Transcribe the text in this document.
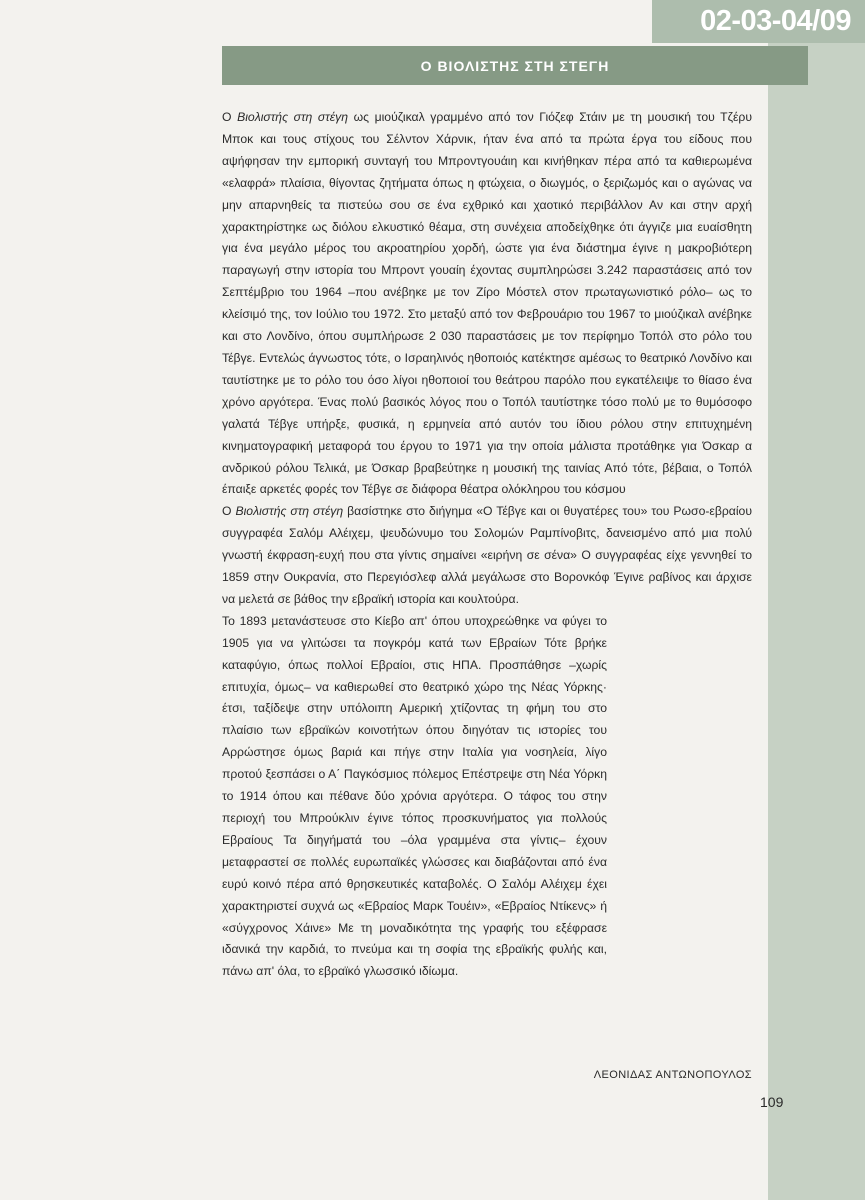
02-03-04/09
Ο ΒΙΟΛΙΣΤΗΣ ΣΤΗ ΣΤΕΓΗ

Ο Βιολιστής στη στέγη ως μιούζικαλ γραμμένο από τον Γιόζεφ Στάιν με τη μουσική του Τζέρυ Μποκ και τους στίχους του Σέλντον Χάρνικ, ήταν ένα από τα πρώτα έργα του είδους που αψήφησαν την εμπορική συνταγή του Μπροντγουάιη και κινήθηκαν πέρα από τα καθιερωμένα «ελαφρά» πλαίσια, θίγοντας ζητήματα όπως η φτώχεια, ο διωγμός, ο ξεριζωμός και ο αγώνας να μην απαρνηθείς τα πιστεύω σου σε ένα εχθρικό και χαοτικό περιβάλλον Αν και στην αρχή χαρακτηρίστηκε ως διόλου ελκυστικό θέαμα, στη συνέχεια αποδείχθηκε ότι άγγιζε μια ευαίσθητη για ένα μεγάλο μέρος του ακροατηρίου χορδή, ώστε για ένα διάστημα έγινε η μακροβιότερη παραγωγή στην ιστορία του Μπροντ γουαίη έχοντας συμπληρώσει 3.242 παραστάσεις από τον Σεπτέμβριο του 1964 –που ανέβηκε με τον Ζίρο Μόστελ στον πρωταγωνιστικό ρόλο– ως το κλείσιμό της, τον Ιούλιο του 1972. Στο μεταξύ από τον Φεβρουάριο του 1967 το μιούζικαλ ανέβηκε και στο Λονδίνο, όπου συμπλήρωσε 2 030 παραστάσεις με τον περίφημο Τοπόλ στο ρόλο του Τέβγε. Εντελώς άγνωστος τότε, ο Ισραηλινός ηθοποιός κατέκτησε αμέσως το θεατρικό Λονδίνο και ταυτίστηκε με το ρόλο του όσο λίγοι ηθοποιοί του θεάτρου παρόλο που εγκατέλειψε το θίασο ένα χρόνο αργότερα. Ένας πολύ βασικός λόγος που ο Τοπόλ ταυτίστηκε τόσο πολύ με το θυμόσοφο γαλατά Τέβγε υπήρξε, φυσικά, η ερμηνεία από αυτόν του ίδιου ρόλου στην επιτυχημένη κινηματογραφική μεταφορά του έργου το 1971 για την οποία μάλιστα προτάθηκε για Όσκαρ α ανδρικού ρόλου Τελικά, με Όσκαρ βραβεύτηκε η μουσική της ταινίας Από τότε, βέβαια, ο Τοπόλ έπαιξε αρκετές φορές τον Τέβγε σε διάφορα θέατρα ολόκληρου του κόσμου

Ο Βιολιστής στη στέγη βασίστηκε στο διήγημα «Ο Τέβγε και οι θυγατέρες του» του Ρωσο-εβραίου συγγραφέα Σαλόμ Αλέιχεμ, ψευδώνυμο του Σολομών Ραμπίνοβιτς, δανεισμένο από μια πολύ γνωστή έκφραση-ευχή που στα γίντις σημαίνει «ειρήνη σε σένα» Ο συγγραφέας είχε γεννηθεί το 1859 στην Ουκρανία, στο Περεγιόσλεφ αλλά μεγάλωσε στο Βορονκόφ Έγινε ραβίνος και άρχισε να μελετά σε βάθος την εβραϊκή ιστορία και κουλτούρα.

Το 1893 μετανάστευσε στο Κίεβο απ' όπου υποχρεώθηκε να φύγει το 1905 για να γλιτώσει τα πογκρόμ κατά των Εβραίων Τότε βρήκε καταφύγιο, όπως πολλοί Εβραίοι, στις ΗΠΑ. Προσπάθησε –χωρίς επιτυχία, όμως– να καθιερωθεί στο θεατρικό χώρο της Νέας Υόρκης· έτσι, ταξίδεψε στην υπόλοιπη Αμερική χτίζοντας τη φήμη του στο πλαίσιο των εβραϊκών κοινοτήτων όπου διηγόταν τις ιστορίες του Αρρώστησε όμως βαριά και πήγε στην Ιταλία για νοσηλεία, λίγο προτού ξεσπάσει ο Α΄ Παγκόσμιος πόλεμος Επέστρεψε στη Νέα Υόρκη το 1914 όπου και πέθανε δύο χρόνια αργότερα. Ο τάφος του στην περιοχή του Μπρούκλιν έγινε τόπος προσκυνήματος για πολλούς Εβραίους Τα διηγήματά του –όλα γραμμένα στα γίντις– έχουν μεταφραστεί σε πολλές ευρωπαϊκές γλώσσες και διαβάζονται από ένα ευρύ κοινό πέρα από θρησκευτικές καταβολές. Ο Σαλόμ Αλέιχεμ έχει χαρακτηριστεί συχνά ως «Εβραίος Μαρκ Τουέιν», «Εβραίος Ντίκενς» ή «σύγχρονος Χάινε» Με τη μοναδικότητα της γραφής του εξέφρασε ιδανικά την καρδιά, το πνεύμα και τη σοφία της εβραϊκής φυλής και, πάνω απ' όλα, το εβραϊκό γλωσσικό ιδίωμα.

ΛΕΟΝΙΔΑΣ ΑΝΤΩΝΟΠΟΥΛΟΣ
109
